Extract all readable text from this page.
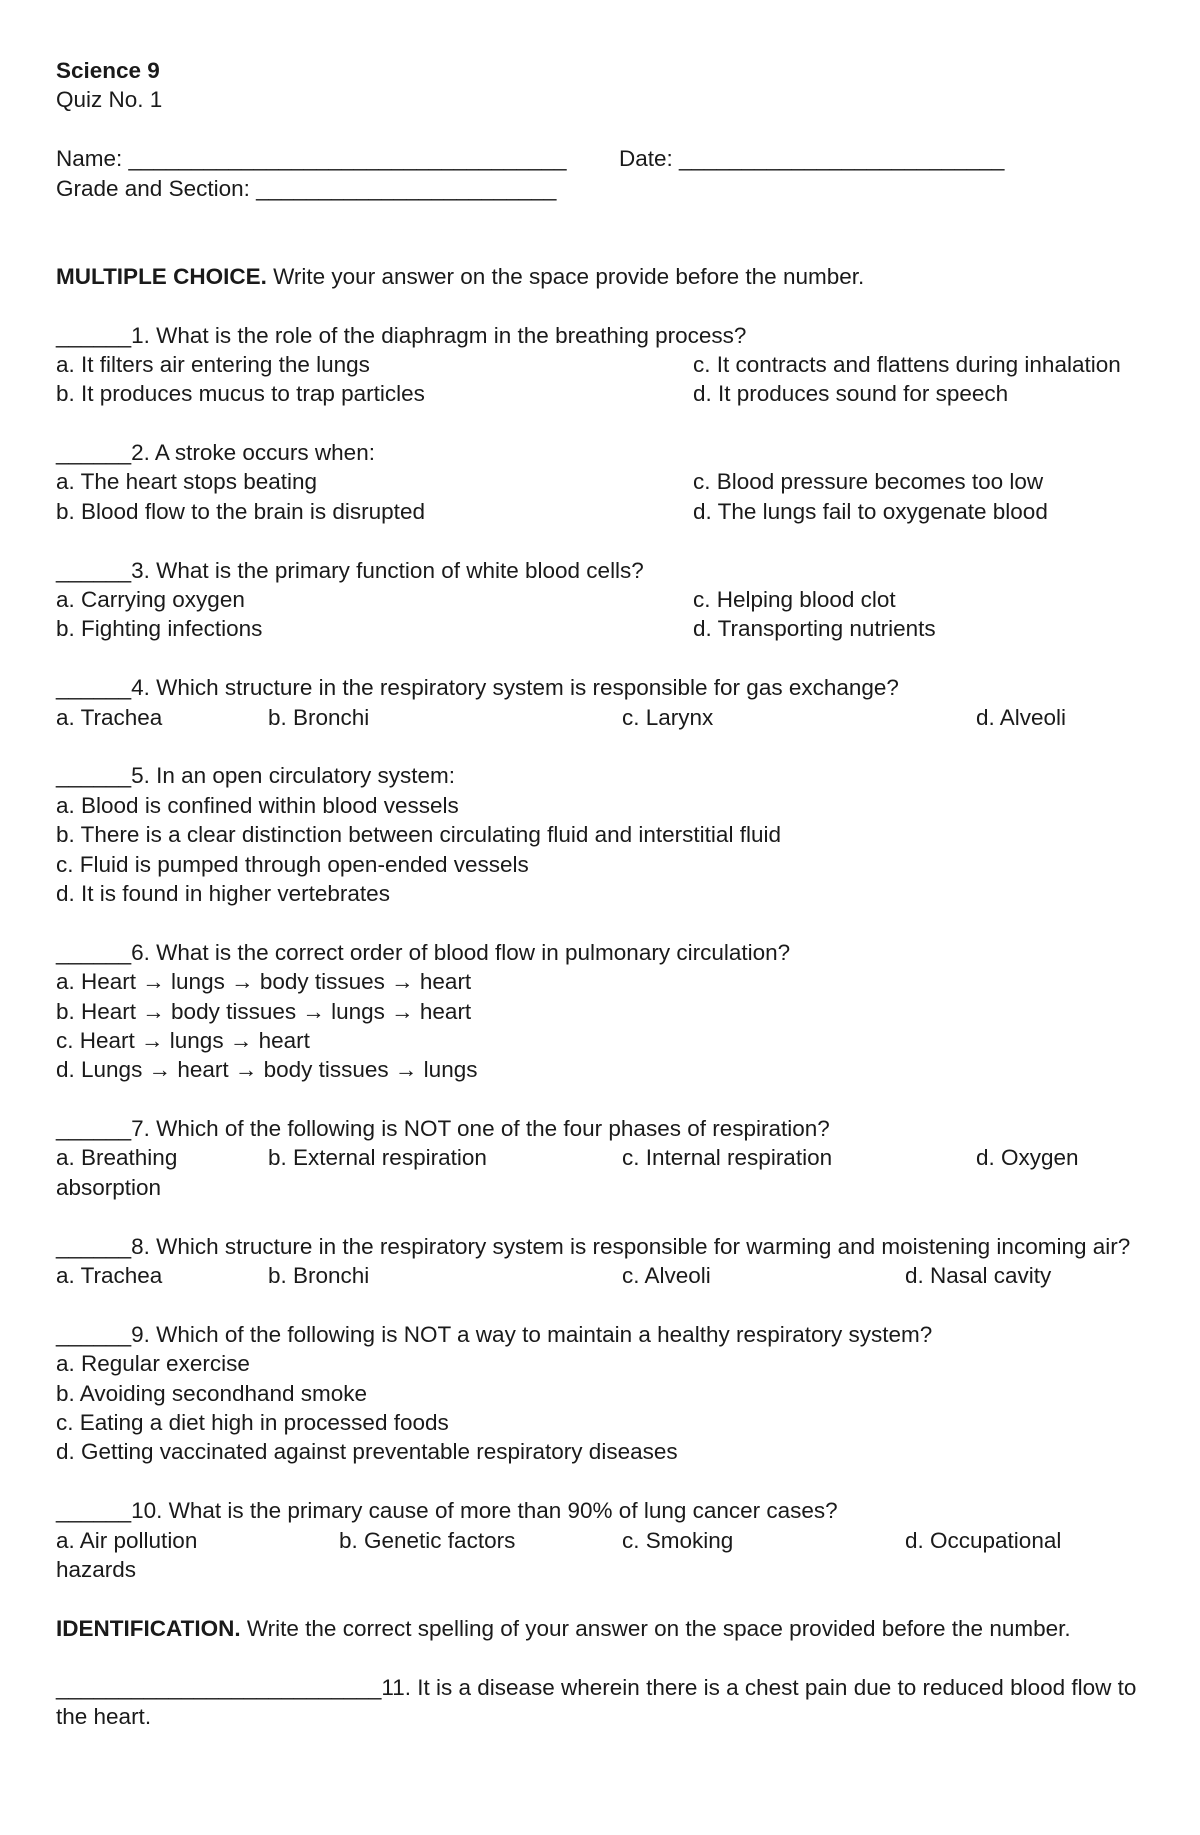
Science 9
Quiz No. 1
Name: ___________________________________ Date: __________________________
Grade and Section: ________________________
MULTIPLE CHOICE. Write your answer on the space provide before the number.
______1. What is the role of the diaphragm in the breathing process?
a. It filters air entering the lungs	c. It contracts and flattens during inhalation
b. It produces mucus to trap particles	d. It produces sound for speech
______2. A stroke occurs when:
a. The heart stops beating	c. Blood pressure becomes too low
b. Blood flow to the brain is disrupted	d. The lungs fail to oxygenate blood
______3. What is the primary function of white blood cells?
a. Carrying oxygen	c. Helping blood clot
b. Fighting infections	d. Transporting nutrients
______4. Which structure in the respiratory system is responsible for gas exchange?
a. Trachea	b. Bronchi	c. Larynx	d. Alveoli
______5. In an open circulatory system:
a. Blood is confined within blood vessels
b. There is a clear distinction between circulating fluid and interstitial fluid
c. Fluid is pumped through open-ended vessels
d. It is found in higher vertebrates
______6. What is the correct order of blood flow in pulmonary circulation?
a. Heart → lungs → body tissues → heart
b. Heart → body tissues → lungs → heart
c. Heart → lungs → heart
d. Lungs → heart → body tissues → lungs
______7. Which of the following is NOT one of the four phases of respiration?
a. Breathing	b. External respiration	c. Internal respiration	d. Oxygen
absorption
______8. Which structure in the respiratory system is responsible for warming and moistening incoming air?
a. Trachea	b. Bronchi	c. Alveoli	d. Nasal cavity
______9. Which of the following is NOT a way to maintain a healthy respiratory system?
a. Regular exercise
b. Avoiding secondhand smoke
c. Eating a diet high in processed foods
d. Getting vaccinated against preventable respiratory diseases
______10. What is the primary cause of more than 90% of lung cancer cases?
a. Air pollution	b. Genetic factors	c. Smoking	d. Occupational
hazards
IDENTIFICATION. Write the correct spelling of your answer on the space provided before the number.
__________________________11. It is a disease wherein there is a chest pain due to reduced blood flow to the heart.
